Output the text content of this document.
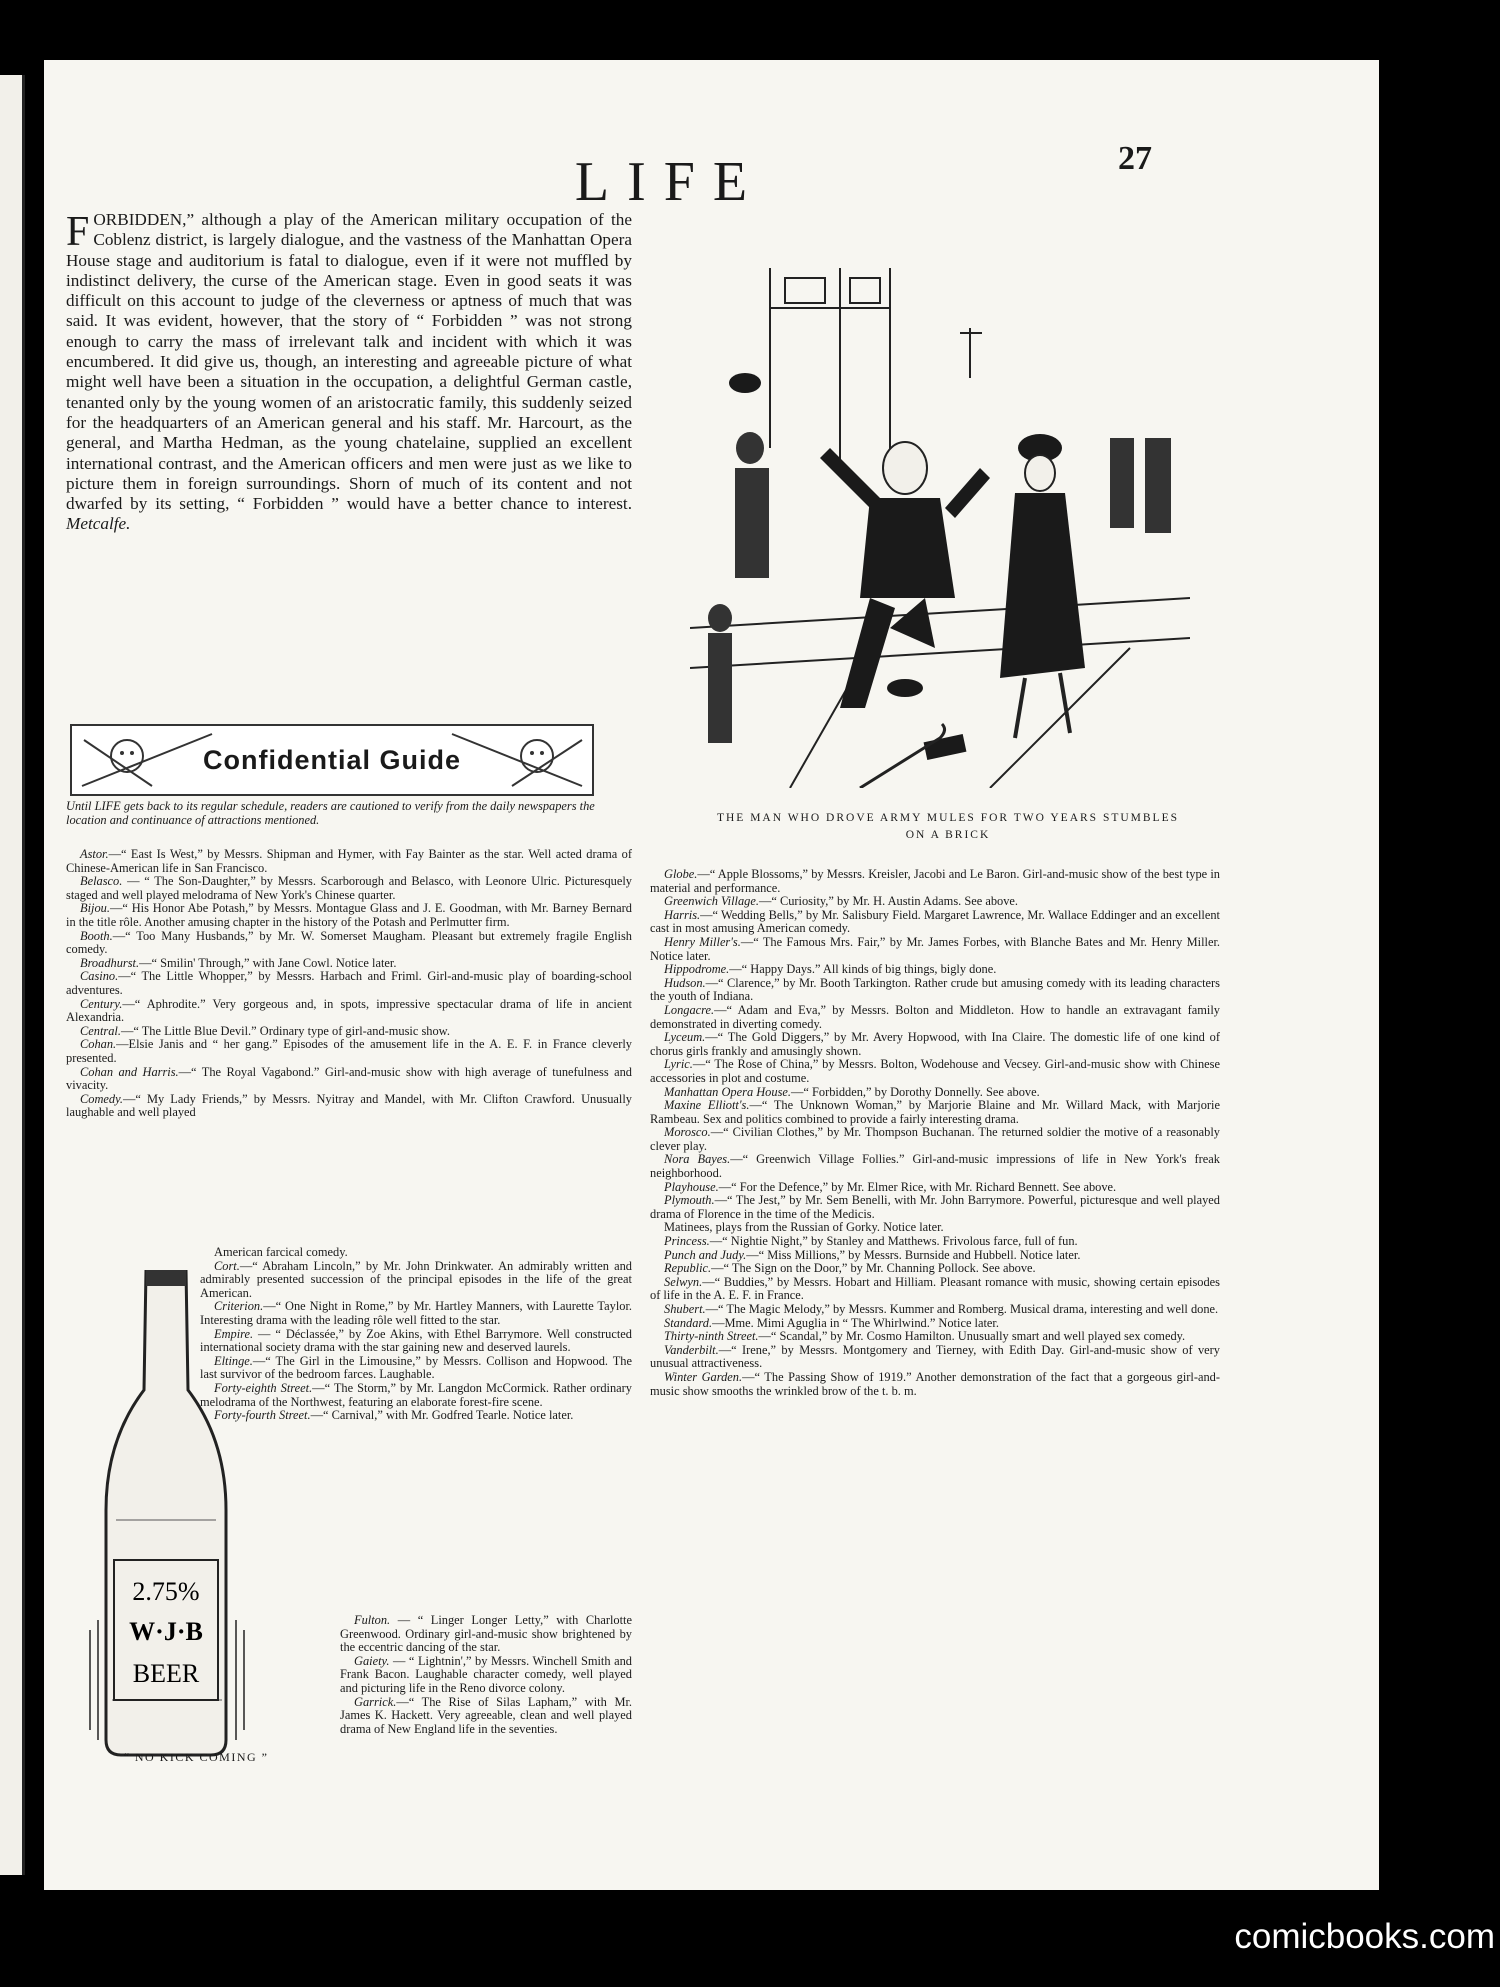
LIFE	27

FORBIDDEN,” although a play of the American military occupation of the Coblenz district, is largely dialogue, and the vastness of the Manhattan Opera House stage and auditorium is fatal to dialogue, even if it were not muffled by indistinct delivery, the curse of the American stage. Even in good seats it was difficult on this account to judge of the cleverness or aptness of much that was said. It was evident, however, that the story of “ Forbidden ” was not strong enough to carry the mass of irrelevant talk and incident with which it was encumbered. It did give us, though, an interesting and agreeable picture of what might well have been a situation in the occupation, a delightful German castle, tenanted only by the young women of an aristocratic family, this suddenly seized for the headquarters of an American general and his staff. Mr. Harcourt, as the general, and Martha Hedman, as the young chatelaine, supplied an excellent international contrast, and the American officers and men were just as we like to picture them in foreign surroundings. Shorn of much of its content and not dwarfed by its setting, “ Forbidden ” would have a better chance to interest. Metcalfe.

THE MAN WHO DROVE ARMY MULES FOR TWO YEARS STUMBLES
ON A BRICK
Confidential Guide

Until LIFE gets back to its regular schedule, readers are cautioned to verify from the daily newspapers the location and continuance of attractions mentioned.

Astor.—“ East Is West,” by Messrs. Shipman and Hymer, with Fay Bainter as the star. Well acted drama of Chinese-American life in San Francisco.
Belasco. — “ The Son-Daughter,” by Messrs. Scarborough and Belasco, with Leonore Ulric. Picturesquely staged and well played melodrama of New York's Chinese quarter.
Bijou.—“ His Honor Abe Potash,” by Messrs. Montague Glass and J. E. Goodman, with Mr. Barney Bernard in the title rôle. Another amusing chapter in the history of the Potash and Perlmutter firm.
Booth.—“ Too Many Husbands,” by Mr. W. Somerset Maugham. Pleasant but extremely fragile English comedy.
Broadhurst.—“ Smilin' Through,” with Jane Cowl. Notice later.
Casino.—“ The Little Whopper,” by Messrs. Harbach and Friml. Girl-and-music play of boarding-school adventures.
Century.—“ Aphrodite.” Very gorgeous and, in spots, impressive spectacular drama of life in ancient Alexandria.
Central.—“ The Little Blue Devil.” Ordinary type of girl-and-music show.
Cohan.—Elsie Janis and “ her gang.” Episodes of the amusement life in the A. E. F. in France cleverly presented.
Cohan and Harris.—“ The Royal Vagabond.” Girl-and-music show with high average of tunefulness and vivacity.
Comedy.—“ My Lady Friends,” by Messrs. Nyitray and Mandel, with Mr. Clifton Crawford. Unusually laughable and well played
American farcical comedy.
Cort.—“ Abraham Lincoln,” by Mr. John Drinkwater. An admirably written and admirably presented succession of the principal episodes in the life of the great American.
Criterion.—“ One Night in Rome,” by Mr. Hartley Manners, with Laurette Taylor. Interesting drama with the leading rôle well fitted to the star.
Empire. — “ Déclassée,” by Zoe Akins, with Ethel Barrymore. Well constructed international society drama with the star gaining new and deserved laurels.
Eltinge.—“ The Girl in the Limousine,” by Messrs. Collison and Hopwood. The last survivor of the bedroom farces. Laughable.
Forty-eighth Street.—“ The Storm,” by Mr. Langdon McCormick. Rather ordinary melodrama of the Northwest, featuring an elaborate forest-fire scene.
Forty-fourth Street.—“ Carnival,” with Mr. Godfred Tearle. Notice later.
Fulton. — “ Linger Longer Letty,” with Charlotte Greenwood. Ordinary girl-and-music show brightened by the eccentric dancing of the star.
Gaiety. — “ Lightnin',” by Messrs. Winchell Smith and Frank Bacon. Laughable character comedy, well played and picturing life in the Reno divorce colony.
Garrick.—“ The Rise of Silas Lapham,” with Mr. James K. Hackett. Very agreeable, clean and well played drama of New England life in the seventies.
Globe.—“ Apple Blossoms,” by Messrs. Kreisler, Jacobi and Le Baron. Girl-and-music show of the best type in material and performance.
Greenwich Village.—“ Curiosity,” by Mr. H. Austin Adams. See above.
Harris.—“ Wedding Bells,” by Mr. Salisbury Field. Margaret Lawrence, Mr. Wallace Eddinger and an excellent cast in most amusing American comedy.
Henry Miller's.—“ The Famous Mrs. Fair,” by Mr. James Forbes, with Blanche Bates and Mr. Henry Miller. Notice later.
Hippodrome.—“ Happy Days.” All kinds of big things, bigly done.
Hudson.—“ Clarence,” by Mr. Booth Tarkington. Rather crude but amusing comedy with its leading characters the youth of Indiana.
Longacre.—“ Adam and Eva,” by Messrs. Bolton and Middleton. How to handle an extravagant family demonstrated in diverting comedy.
Lyceum.—“ The Gold Diggers,” by Mr. Avery Hopwood, with Ina Claire. The domestic life of one kind of chorus girls frankly and amusingly shown.
Lyric.—“ The Rose of China,” by Messrs. Bolton, Wodehouse and Vecsey. Girl-and-music show with Chinese accessories in plot and costume.
Manhattan Opera House.—“ Forbidden,” by Dorothy Donnelly. See above.
Maxine Elliott's.—“ The Unknown Woman,” by Marjorie Blaine and Mr. Willard Mack, with Marjorie Rambeau. Sex and politics combined to provide a fairly interesting drama.
Morosco.—“ Civilian Clothes,” by Mr. Thompson Buchanan. The returned soldier the motive of a reasonably clever play.
Nora Bayes.—“ Greenwich Village Follies.” Girl-and-music impressions of life in New York's freak neighborhood.
Playhouse.—“ For the Defence,” by Mr. Elmer Rice, with Mr. Richard Bennett. See above.
Plymouth.—“ The Jest,” by Mr. Sem Benelli, with Mr. John Barrymore. Powerful, picturesque and well played drama of Florence in the time of the Medicis.
Matinees, plays from the Russian of Gorky. Notice later.
Princess.—“ Nightie Night,” by Stanley and Matthews. Frivolous farce, full of fun.
Punch and Judy.—“ Miss Millions,” by Messrs. Burnside and Hubbell. Notice later.
Republic.—“ The Sign on the Door,” by Mr. Channing Pollock. See above.
Selwyn.—“ Buddies,” by Messrs. Hobart and Hilliam. Pleasant romance with music, showing certain episodes of life in the A. E. F. in France.
Shubert.—“ The Magic Melody,” by Messrs. Kummer and Romberg. Musical drama, interesting and well done.
Standard.—Mme. Mimi Aguglia in “ The Whirlwind.” Notice later.
Thirty-ninth Street.—“ Scandal,” by Mr. Cosmo Hamilton. Unusually smart and well played sex comedy.
Vanderbilt.—“ Irene,” by Messrs. Montgomery and Tierney, with Edith Day. Girl-and-music show of very unusual attractiveness.
Winter Garden.—“ The Passing Show of 1919.” Another demonstration of the fact that a gorgeous girl-and-music show smooths the wrinkled brow of the t. b. m.
2.75%
W·J·B
BEER
“ NO KICK COMING ”
comicbooks.com
